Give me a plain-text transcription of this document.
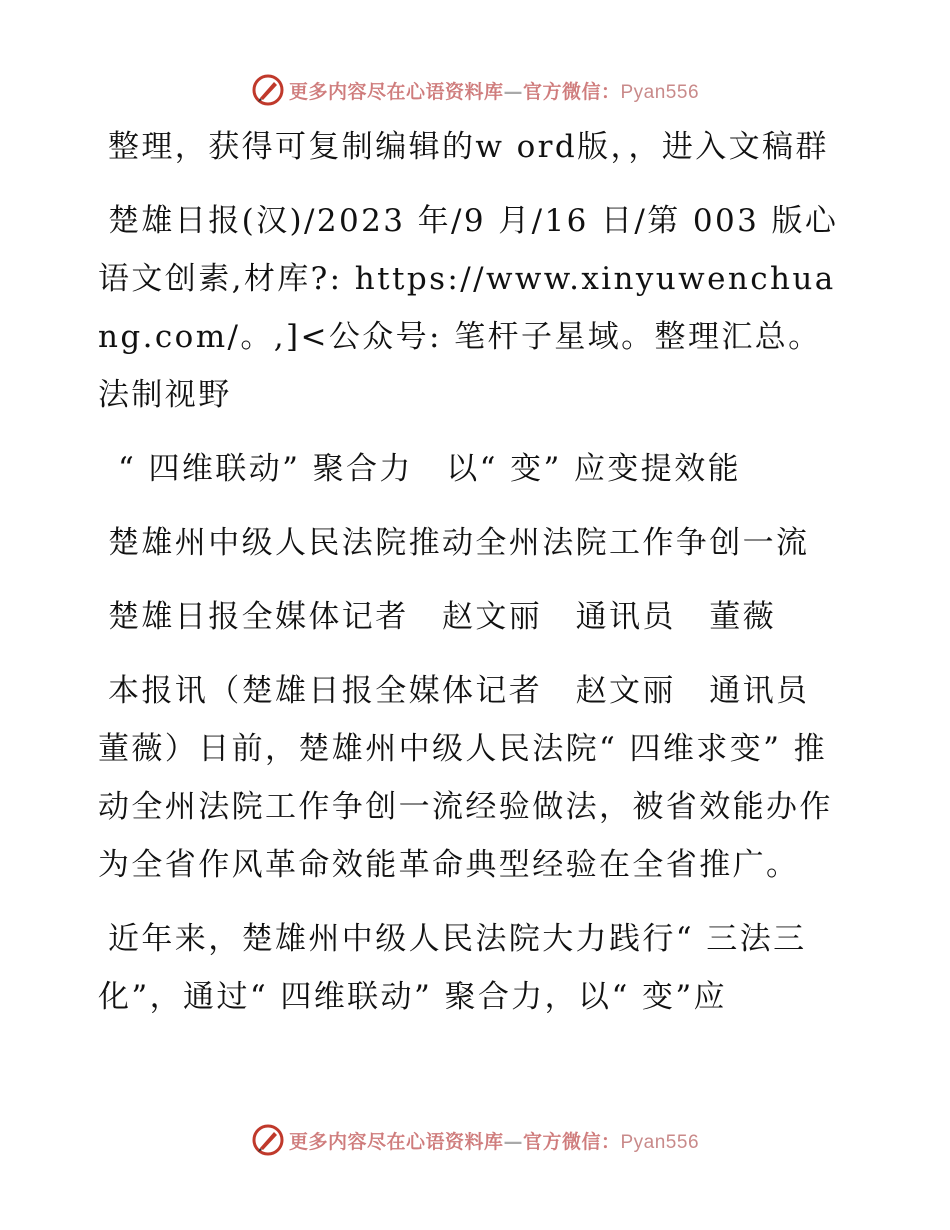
更多内容尽在心语资料库—官方微信：Pyan556

整理，获得可复制编辑的w ord版，，进入文稿群

楚雄日报(汉)/2023 年/9 月/16 日/第 003 版心语文创素,材库?: https://www.xinyuwenchuang.com/。,]<公众号: 笔杆子星域。整理汇总。法制视野

“ 四维联动” 聚合力　以“ 变” 应变提效能

楚雄州中级人民法院推动全州法院工作争创一流

楚雄日报全媒体记者　赵文丽　通讯员　董薇

本报讯（楚雄日报全媒体记者　赵文丽　通讯员　董薇）日前，楚雄州中级人民法院“ 四维求变” 推动全州法院工作争创一流经验做法，被省效能办作为全省作风革命效能革命典型经验在全省推广。

近年来，楚雄州中级人民法院大力践行“ 三法三化”，通过“ 四维联动” 聚合力，以“ 变”应

更多内容尽在心语资料库—官方微信：Pyan556
